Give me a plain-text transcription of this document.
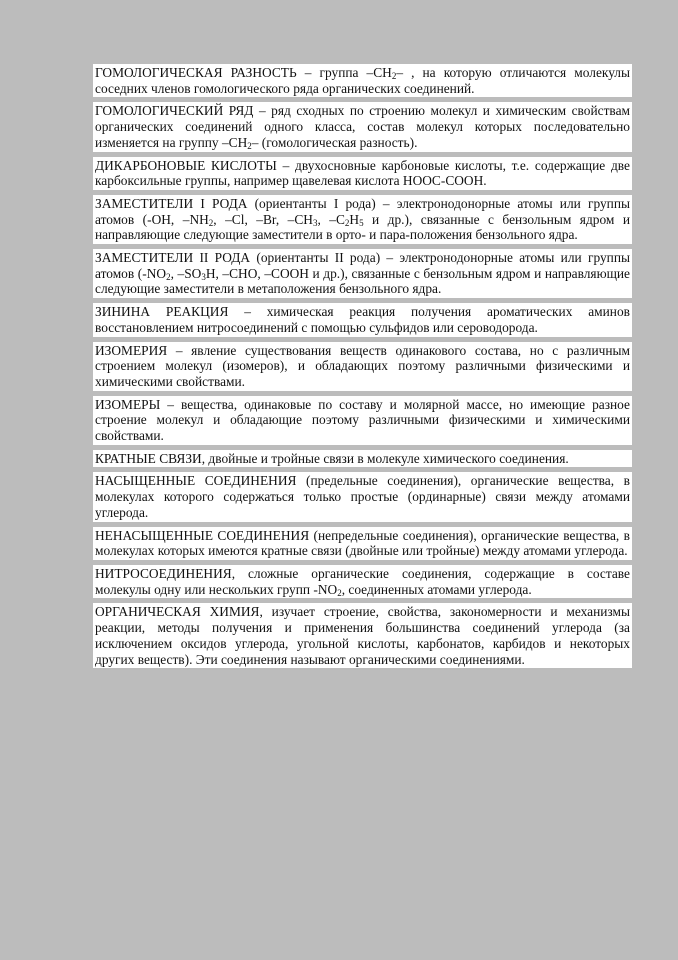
ГОМОЛОГИЧЕСКАЯ РАЗНОСТЬ – группа $-CH_2-$ , на которую отличаются молекулы соседних членов гомологического ряда органических соединений.

ГОМОЛОГИЧЕСКИЙ РЯД – ряд сходных по строению молекул и химическим свойствам органических соединений одного класса, состав молекул которых последовательно изменяется на группу $-CH_2-$ (гомологическая разность).

ДИКАРБОНОВЫЕ КИСЛОТЫ – двухосновные карбоновые кислоты, т.е. содержащие две карбоксильные группы, например щавелевая кислота HOOC-COOH.

ЗАМЕСТИТЕЛИ I РОДА (ориентанты I рода) – электронодонорные атомы или группы атомов (-OH, $-NH_2$, –Cl, –Br, $-CH_3$, $-C_2H_5$ и др.), связанные с бензольным ядром и направляющие следующие заместители в орто- и пара-положения бензольного ядра.

ЗАМЕСТИТЕЛИ II РОДА (ориентанты II рода) – электронодонорные атомы или группы атомов ($-NO_2$, $-SO_3H$, –CHO, –COOH и др.), связанные с бензольным ядром и направляющие следующие заместители в метаположения бензольного ядра.

ЗИНИНА РЕАКЦИЯ – химическая реакция получения ароматических аминов восстановлением нитросоединений с помощью сульфидов или сероводорода.

ИЗОМЕРИЯ – явление существования веществ одинакового состава, но с различным строением молекул (изомеров), и обладающих поэтому различными физическими и химическими свойствами.

ИЗОМЕРЫ – вещества, одинаковые по составу и молярной массе, но имеющие разное строение молекул и обладающие поэтому различными физическими и химическими свойствами.

КРАТНЫЕ СВЯЗИ, двойные и тройные связи в молекуле химического соединения.

НАСЫЩЕННЫЕ СОЕДИНЕНИЯ (предельные соединения), органические вещества, в молекулах которого содержаться только простые (ординарные) связи между атомами углерода.

НЕНАСЫЩЕННЫЕ СОЕДИНЕНИЯ (непредельные соединения), органические вещества, в молекулах которых имеются кратные связи (двойные или тройные) между атомами углерода.

НИТРОСОЕДИНЕНИЯ, сложные органические соединения, содержащие в составе молекулы одну или нескольких групп $-NO_2$, соединенных атомами углерода.

ОРГАНИЧЕСКАЯ ХИМИЯ, изучает строение, свойства, закономерности и механизмы реакции, методы получения и применения большинства соединений углерода (за исключением оксидов углерода, угольной кислоты, карбонатов, карбидов и некоторых других веществ). Эти соединения называют органическими соединениями.
